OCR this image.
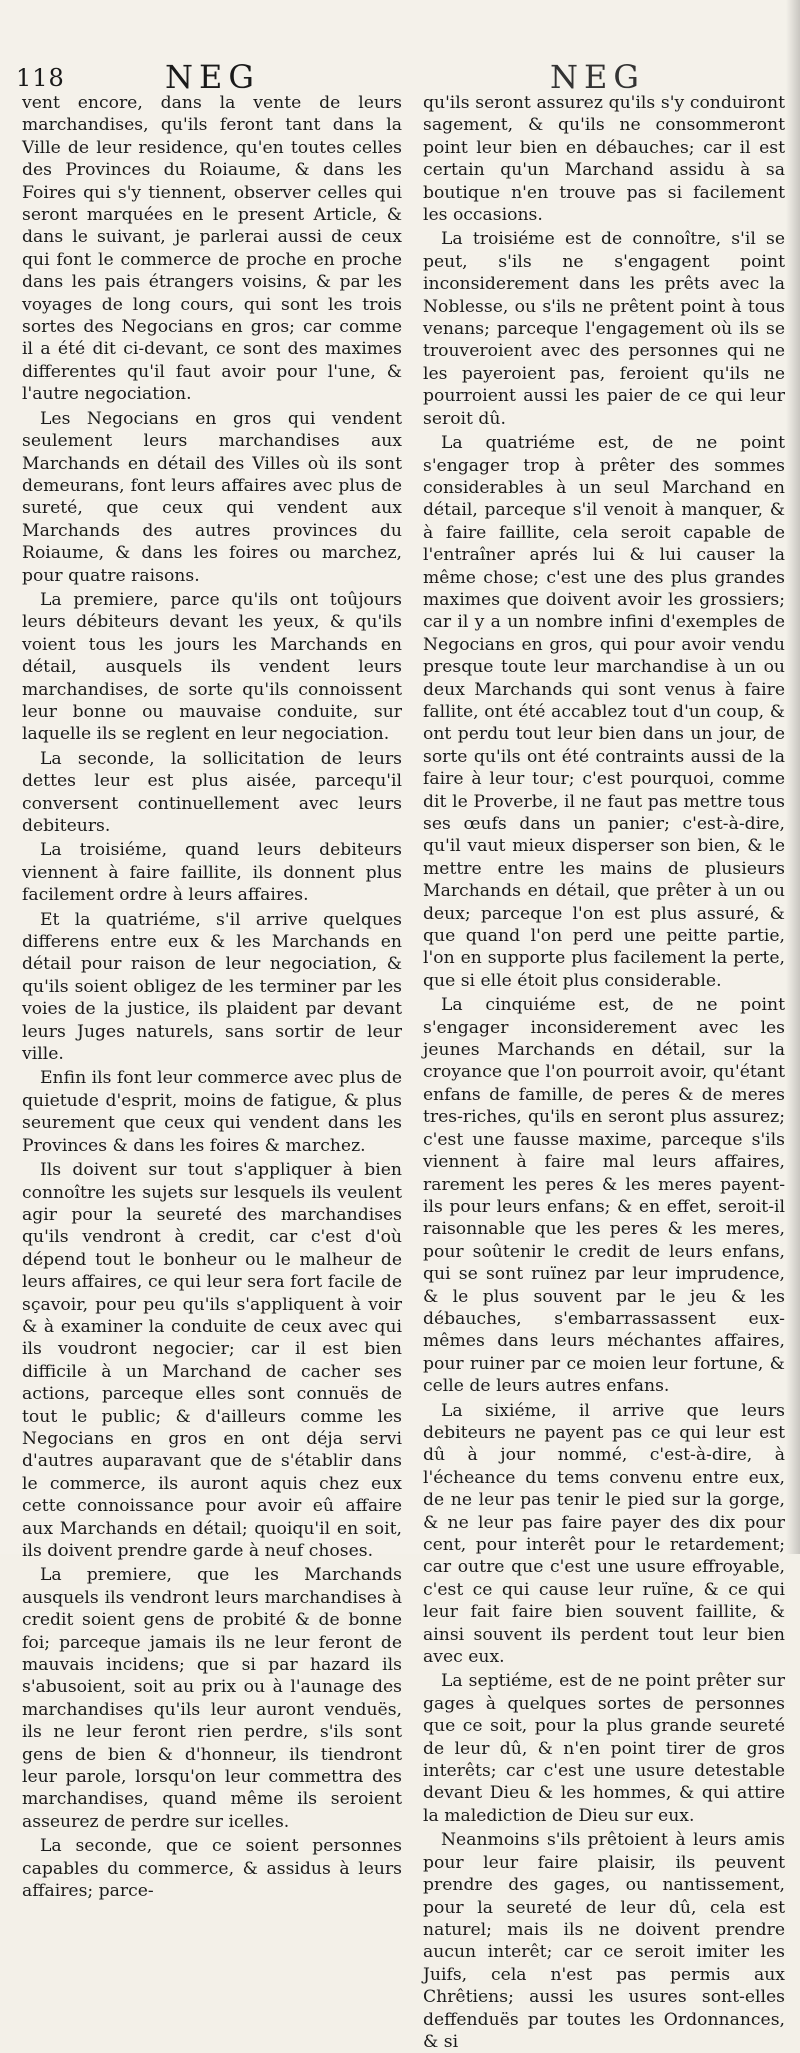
118	NEG	NEG

vent encore, dans la vente de leurs marchandises, qu'ils feront tant dans la Ville de leur residence, qu'en toutes celles des Provinces du Roiaume, & dans les Foires qui s'y tiennent, observer celles qui seront marquées en le present Article, & dans le suivant, je parlerai aussi de ceux qui font le commerce de proche en proche dans les pais étrangers voisins, & par les voyages de long cours, qui sont les trois sortes des Negocians en gros; car comme il a été dit ci-devant, ce sont des maximes differentes qu'il faut avoir pour l'une, & l'autre negociation.

Les Negocians en gros qui vendent seulement leurs marchandises aux Marchands en détail des Villes où ils sont demeurans, font leurs affaires avec plus de sureté, que ceux qui vendent aux Marchands des autres provinces du Roiaume, & dans les foires ou marchez, pour quatre raisons.

La premiere, parce qu'ils ont toûjours leurs débiteurs devant les yeux, & qu'ils voient tous les jours les Marchands en détail, ausquels ils vendent leurs marchandises, de sorte qu'ils connoissent leur bonne ou mauvaise conduite, sur laquelle ils se reglent en leur negociation.

La seconde, la sollicitation de leurs dettes leur est plus aisée, parcequ'il conversent continuellement avec leurs debiteurs.

La troisiéme, quand leurs debiteurs viennent à faire faillite, ils donnent plus facilement ordre à leurs affaires.

Et la quatriéme, s'il arrive quelques differens entre eux & les Marchands en détail pour raison de leur negociation, & qu'ils soient obligez de les terminer par les voies de la justice, ils plaident par devant leurs Juges naturels, sans sortir de leur ville.

Enfin ils font leur commerce avec plus de quietude d'esprit, moins de fatigue, & plus seurement que ceux qui vendent dans les Provinces & dans les foires & marchez.

Ils doivent sur tout s'appliquer à bien connoître les sujets sur lesquels ils veulent agir pour la seureté des marchandises qu'ils vendront à credit, car c'est d'où dépend tout le bonheur ou le malheur de leurs affaires, ce qui leur sera fort facile de sçavoir, pour peu qu'ils s'appliquent à voir & à examiner la conduite de ceux avec qui ils voudront negocier; car il est bien difficile à un Marchand de cacher ses actions, parceque elles sont connuës de tout le public; & d'ailleurs comme les Negocians en gros en ont déja servi d'autres auparavant que de s'établir dans le commerce, ils auront aquis chez eux cette connoissance pour avoir eû affaire aux Marchands en détail; quoiqu'il en soit, ils doivent prendre garde à neuf choses.

La premiere, que les Marchands ausquels ils vendront leurs marchandises à credit soient gens de probité & de bonne foi; parceque jamais ils ne leur feront de mauvais incidens; que si par hazard ils s'abusoient, soit au prix ou à l'aunage des marchandises qu'ils leur auront venduës, ils ne leur feront rien perdre, s'ils sont gens de bien & d'honneur, ils tiendront leur parole, lorsqu'on leur commettra des marchandises, quand même ils seroient asseurez de perdre sur icelles.

La seconde, que ce soient personnes capables du commerce, & assidus à leurs affaires; parce-

qu'ils seront assurez qu'ils s'y conduiront sagement, & qu'ils ne consommeront point leur bien en débauches; car il est certain qu'un Marchand assidu à sa boutique n'en trouve pas si facilement les occasions.

La troisiéme est de connoître, s'il se peut, s'ils ne s'engagent point inconsiderement dans les prêts avec la Noblesse, ou s'ils ne prêtent point à tous venans; parceque l'engagement où ils se trouveroient avec des personnes qui ne les payeroient pas, feroient qu'ils ne pourroient aussi les paier de ce qui leur seroit dû.

La quatriéme est, de ne point s'engager trop à prêter des sommes considerables à un seul Marchand en détail, parceque s'il venoit à manquer, & à faire faillite, cela seroit capable de l'entraîner aprés lui & lui causer la même chose; c'est une des plus grandes maximes que doivent avoir les grossiers; car il y a un nombre infini d'exemples de Negocians en gros, qui pour avoir vendu presque toute leur marchandise à un ou deux Marchands qui sont venus à faire fallite, ont été accablez tout d'un coup, & ont perdu tout leur bien dans un jour, de sorte qu'ils ont été contraints aussi de la faire à leur tour; c'est pourquoi, comme dit le Proverbe, il ne faut pas mettre tous ses œufs dans un panier; c'est-à-dire, qu'il vaut mieux disperser son bien, & le mettre entre les mains de plusieurs Marchands en détail, que prêter à un ou deux; parceque l'on est plus assuré, & que quand l'on perd une peitte partie, l'on en supporte plus facilement la perte, que si elle étoit plus considerable.

La cinquiéme est, de ne point s'engager inconsiderement avec les jeunes Marchands en détail, sur la croyance que l'on pourroit avoir, qu'étant enfans de famille, de peres & de meres tres-riches, qu'ils en seront plus assurez; c'est une fausse maxime, parceque s'ils viennent à faire mal leurs affaires, rarement les peres & les meres payent-ils pour leurs enfans; & en effet, seroit-il raisonnable que les peres & les meres, pour soûtenir le credit de leurs enfans, qui se sont ruïnez par leur imprudence, & le plus souvent par le jeu & les débauches, s'embarrassassent eux-mêmes dans leurs méchantes affaires, pour ruiner par ce moien leur fortune, & celle de leurs autres enfans.

La sixiéme, il arrive que leurs debiteurs ne payent pas ce qui leur est dû à jour nommé, c'est-à-dire, à l'écheance du tems convenu entre eux, de ne leur pas tenir le pied sur la gorge, & ne leur pas faire payer des dix pour cent, pour interêt pour le retardement; car outre que c'est une usure effroyable, c'est ce qui cause leur ruïne, & ce qui leur fait faire bien souvent faillite, & ainsi souvent ils perdent tout leur bien avec eux.

La septiéme, est de ne point prêter sur gages à quelques sortes de personnes que ce soit, pour la plus grande seureté de leur dû, & n'en point tirer de gros interêts; car c'est une usure detestable devant Dieu & les hommes, & qui attire la malediction de Dieu sur eux.

Neanmoins s'ils prêtoient à leurs amis pour leur faire plaisir, ils peuvent prendre des gages, ou nantissement, pour la seureté de leur dû, cela est naturel; mais ils ne doivent prendre aucun interêt; car ce seroit imiter les Juifs, cela n'est pas permis aux Chrêtiens; aussi les usures sont-elles deffenduës par toutes les Ordonnances, & si
